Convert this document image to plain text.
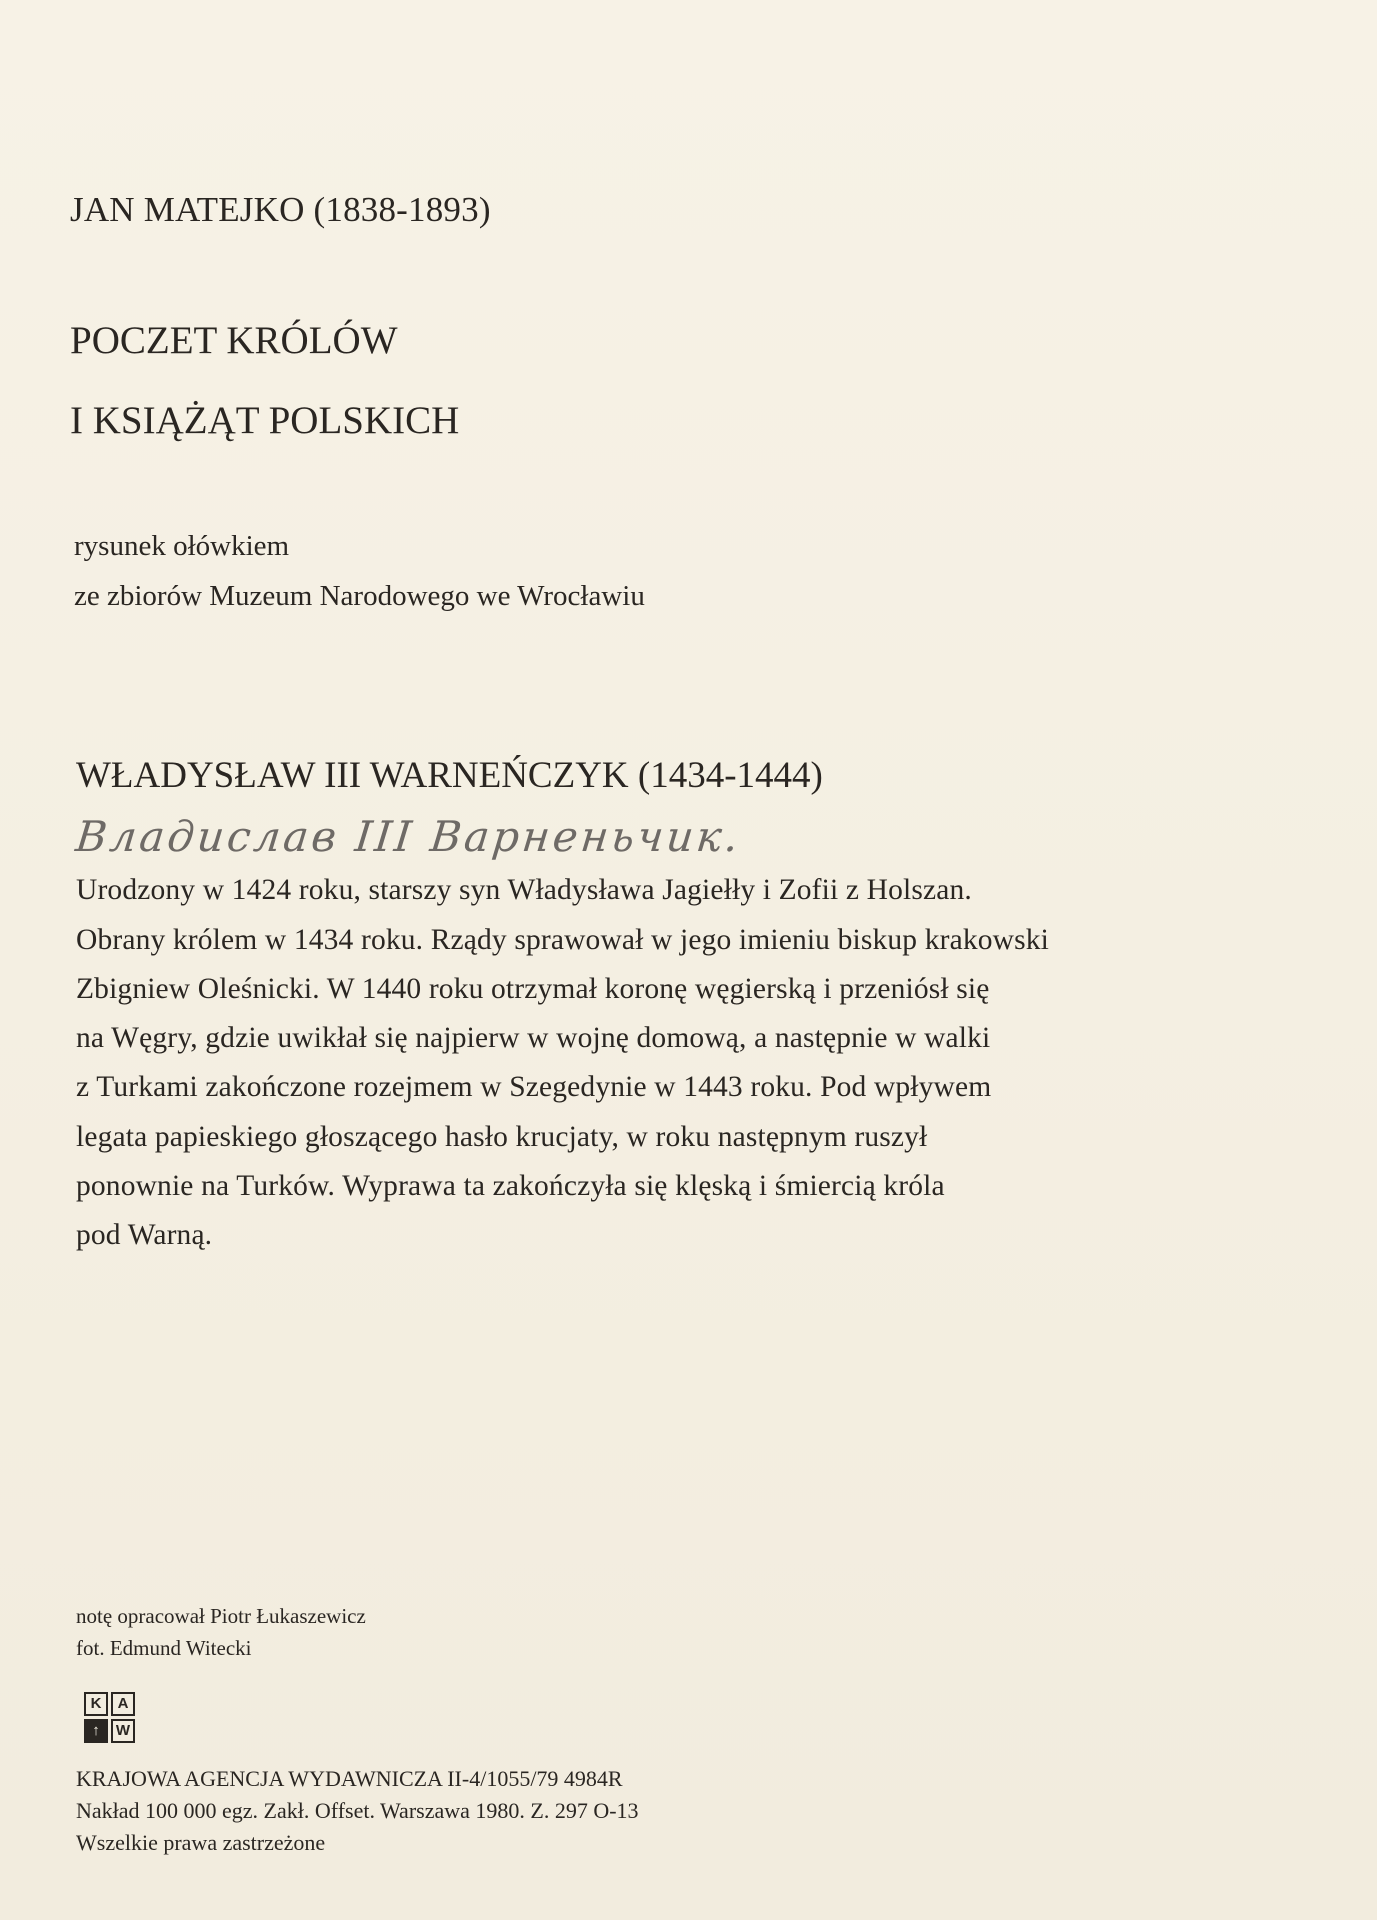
JAN MATEJKO (1838-1893)

POCZET KRÓLÓW
I KSIĄŻĄT POLSKICH

rysunek ołówkiem

ze zbiorów Muzeum Narodowego we Wrocławiu

WŁADYSŁAW III WARNEŃCZYK (1434-1444)

Владислав III Варненьчик.

Urodzony w 1424 roku, starszy syn Władysława Jagiełły i Zofii z Holszan.

Obrany królem w 1434 roku. Rządy sprawował w jego imieniu biskup krakowski

Zbigniew Oleśnicki. W 1440 roku otrzymał koronę węgierską i przeniósł się

na Węgry, gdzie uwikłał się najpierw w wojnę domową, a następnie w walki

z Turkami zakończone rozejmem w Szegedynie w 1443 roku. Pod wpływem

legata papieskiego głoszącego hasło krucjaty, w roku następnym ruszył

ponownie na Turków. Wyprawa ta zakończyła się klęską i śmiercią króla

pod Warną.

notę opracował Piotr Łukaszewicz

fot. Edmund Witecki

K	A
↑	W

KRAJOWA AGENCJA WYDAWNICZA II-4/1055/79 4984R

Nakład 100 000 egz. Zakł. Offset. Warszawa 1980. Z. 297 O-13

Wszelkie prawa zastrzeżone
